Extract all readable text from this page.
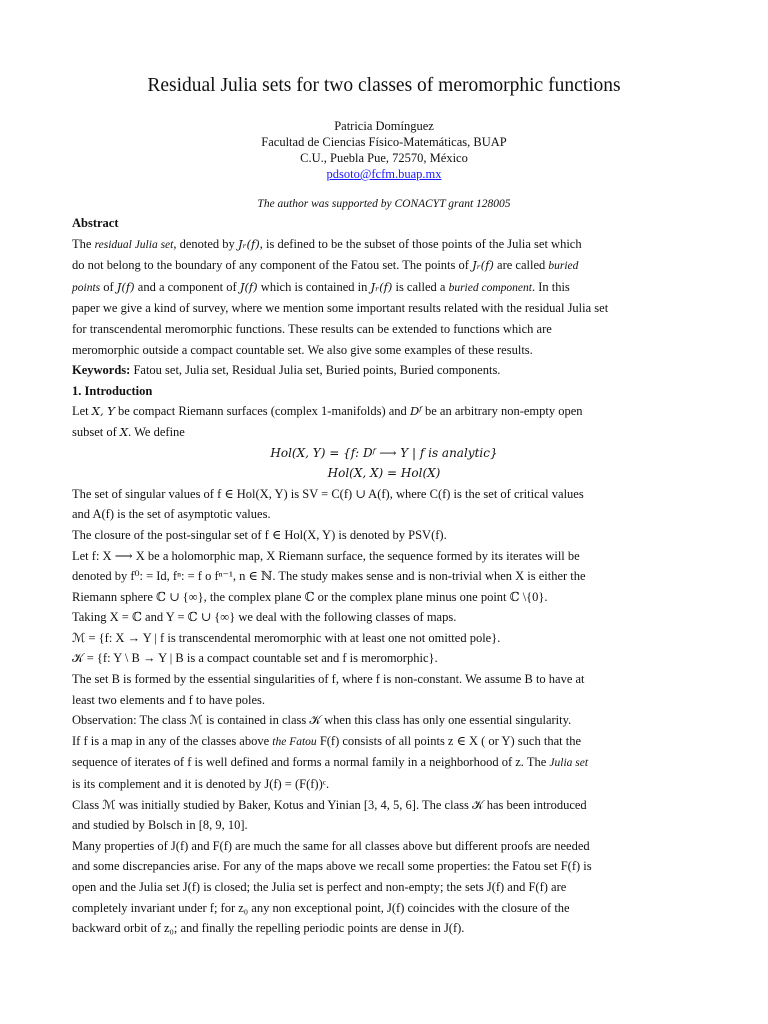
Residual Julia sets for two classes of meromorphic functions
Patricia Domínguez
Facultad de Ciencias Físico-Matemáticas, BUAP
C.U., Puebla Pue, 72570, México
pdsoto@fcfm.buap.mx
The author was supported by CONACYT grant 128005

Abstract

The residual Julia set, denoted by Jᵣ(f), is defined to be the subset of those points of the Julia set which

do not belong to the boundary of any component of the Fatou set. The points of Jᵣ(f) are called buried

points of J(f) and a component of J(f) which is contained in Jᵣ(f) is called a buried component. In this

paper we give a kind of survey, where we mention some important results related with the residual Julia set

for transcendental meromorphic functions. These results can be extended to functions which are

meromorphic outside a compact countable set. We also give some examples of these results.

Keywords: Fatou set, Julia set, Residual Julia set, Buried points, Buried components.

1. Introduction

Let X, Y be compact Riemann surfaces (complex 1-manifolds) and Dᶠ be an arbitrary non-empty open

subset of X. We define

Hol(X, Y) = {f: Dᶠ ⟶ Y | f is analytic}

Hol(X, X) = Hol(X)

The set of singular values of f ∈ Hol(X, Y) is SV = C(f) ∪ A(f), where C(f) is the set of critical values

and A(f) is the set of asymptotic values.

The closure of the post-singular set of f ∈ Hol(X, Y) is denoted by PSV(f).

Let f: X ⟶ X be a holomorphic map, X Riemann surface, the sequence formed by its iterates will be

denoted by f⁰: = Id, fⁿ: = f o fⁿ⁻¹, n ∈ ℕ. The study makes sense and is non-trivial when X is either the

Riemann sphere ℂ ∪ {∞}, the complex plane ℂ or the complex plane minus one point ℂ \{0}.

Taking X = ℂ and Y = ℂ ∪ {∞} we deal with the following classes of maps.

ℳ = {f: X → Y | f is transcendental meromorphic with at least one not omitted pole}.

𝒦 = {f: Y \ B → Y | B is a compact countable set and f is meromorphic}.

The set B is formed by the essential singularities of f, where f is non-constant. We assume B to have at

least two elements and f to have poles.

Observation: The class ℳ is contained in class 𝒦 when this class has only one essential singularity.

If f is a map in any of the classes above the Fatou F(f) consists of all points z ∈ X ( or Y) such that the

sequence of iterates of f is well defined and forms a normal family in a neighborhood of z. The Julia set

is its complement and it is denoted by J(f) = (F(f))ᶜ.

Class ℳ was initially studied by Baker, Kotus and Yinian [3, 4, 5, 6]. The class 𝒦 has been introduced

and studied by Bolsch in [8, 9, 10].

Many properties of J(f) and F(f) are much the same for all classes above but different proofs are needed

and some discrepancies arise. For any of the maps above we recall some properties: the Fatou set F(f) is

open and the Julia set J(f) is closed; the Julia set is perfect and non-empty; the sets J(f) and F(f) are

completely invariant under f; for z₀ any non exceptional point, J(f) coincides with the closure of the

backward orbit of z₀; and finally the repelling periodic points are dense in J(f).
